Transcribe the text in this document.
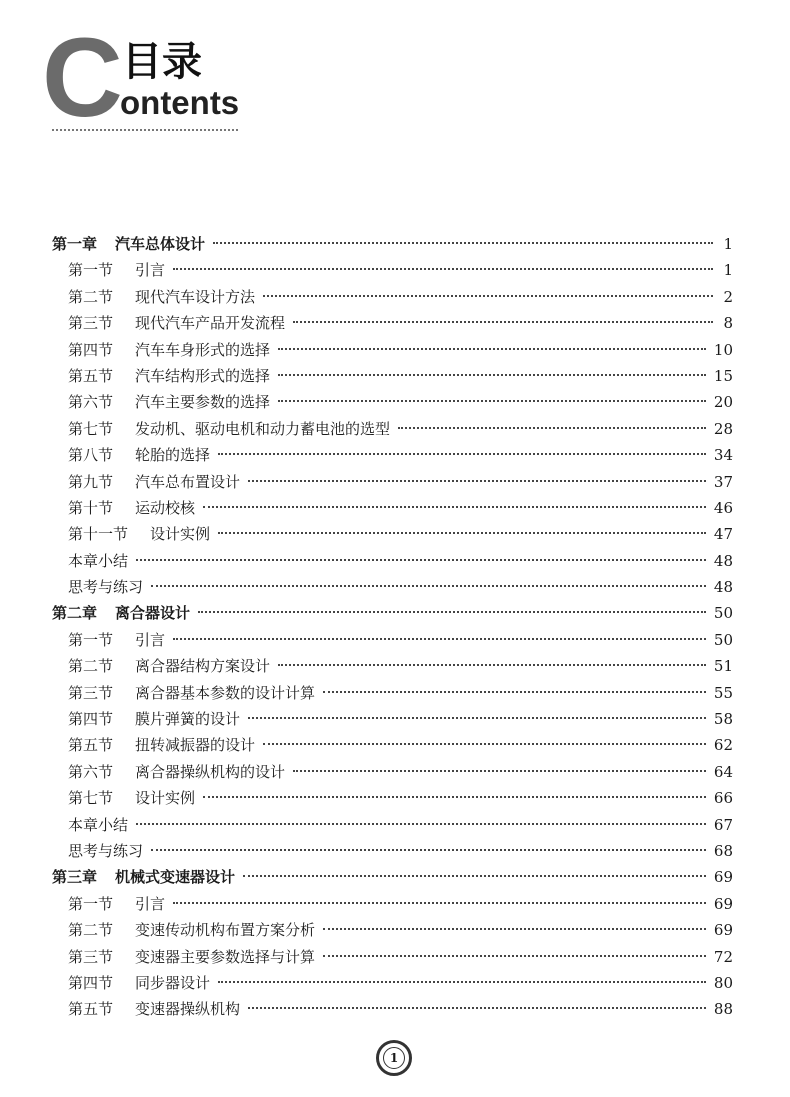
C 目录
ontents
第一章 汽车总体设计	1
第一节 引言	1
第二节 现代汽车设计方法	2
第三节 现代汽车产品开发流程	8
第四节 汽车车身形式的选择	10
第五节 汽车结构形式的选择	15
第六节 汽车主要参数的选择	20
第七节 发动机、驱动电机和动力蓄电池的选型	28
第八节 轮胎的选择	34
第九节 汽车总布置设计	37
第十节 运动校核	46
第十一节 设计实例	47
本章小结	48
思考与练习	48
第二章 离合器设计	50
第一节 引言	50
第二节 离合器结构方案设计	51
第三节 离合器基本参数的设计计算	55
第四节 膜片弹簧的设计	58
第五节 扭转减振器的设计	62
第六节 离合器操纵机构的设计	64
第七节 设计实例	66
本章小结	67
思考与练习	68
第三章 机械式变速器设计	69
第一节 引言	69
第二节 变速传动机构布置方案分析	69
第三节 变速器主要参数选择与计算	72
第四节 同步器设计	80
第五节 变速器操纵机构	88
1
